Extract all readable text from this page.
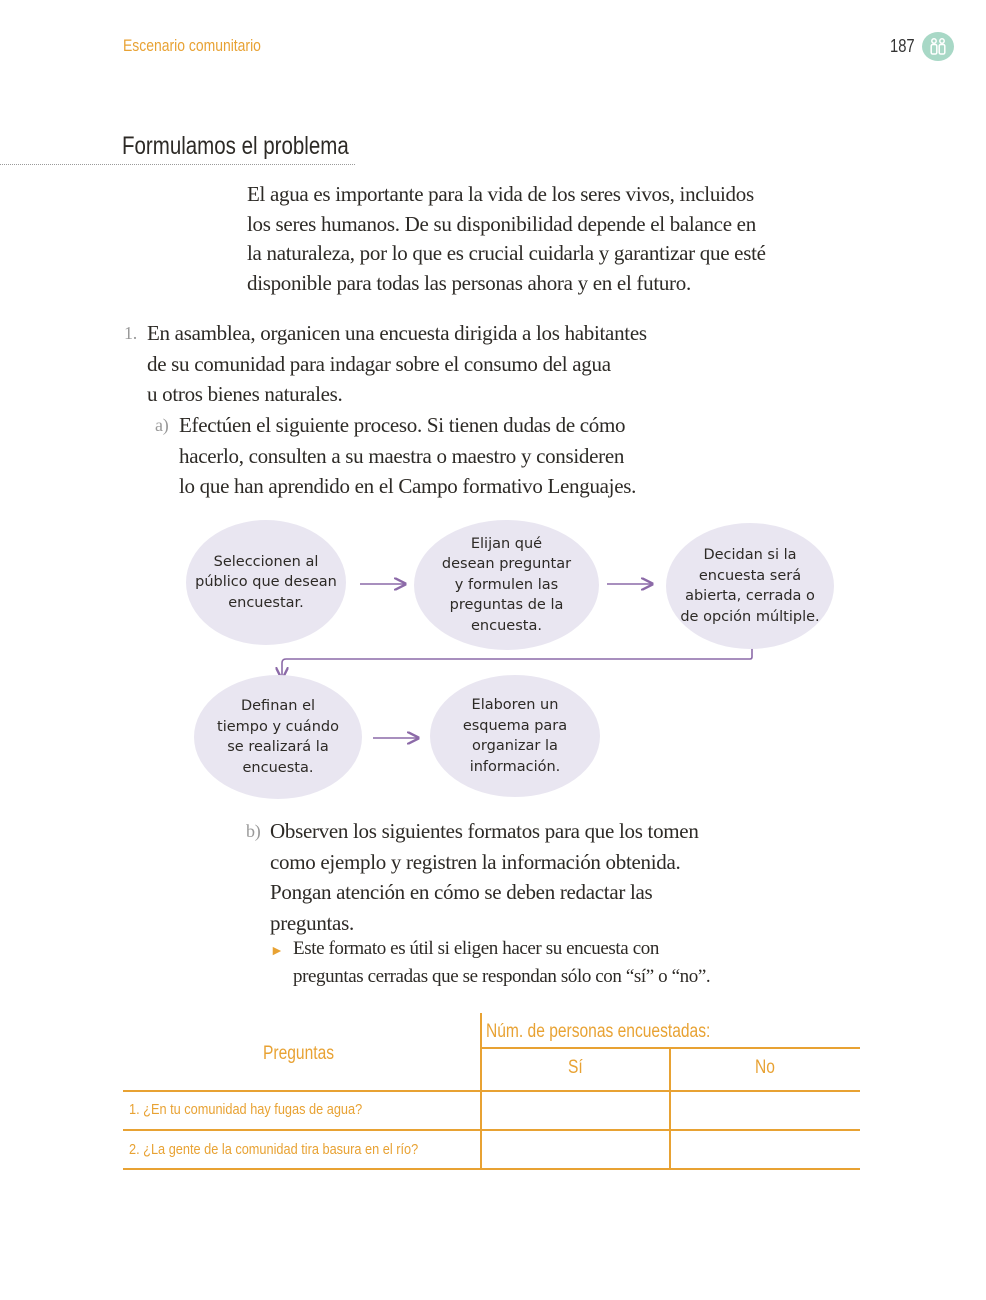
Escenario comunitario	187
Formulamos el problema
El agua es importante para la vida de los seres vivos, incluidos
los seres humanos. De su disponibilidad depende el balance en
la naturaleza, por lo que es crucial cuidarla y garantizar que esté
disponible para todas las personas ahora y en el futuro.
1. En asamblea, organicen una encuesta dirigida a los habitantes
de su comunidad para indagar sobre el consumo del agua
u otros bienes naturales.
a) Efectúen el siguiente proceso. Si tienen dudas de cómo
hacerlo, consulten a su maestra o maestro y consideren
lo que han aprendido en el Campo formativo Lenguajes.
Seleccionen al
público que desean
encuestar.
Elijan qué
desean preguntar
y formulen las
preguntas de la
encuesta.
Decidan si la
encuesta será
abierta, cerrada o
de opción múltiple.
Definan el
tiempo y cuándo
se realizará la
encuesta.
Elaboren un
esquema para
organizar la
información.
b) Observen los siguientes formatos para que los tomen
como ejemplo y registren la información obtenida.
Pongan atención en cómo se deben redactar las
preguntas.
► Este formato es útil si eligen hacer su encuesta con
preguntas cerradas que se respondan sólo con “sí” o “no”.
Preguntas
Núm. de personas encuestadas:
Sí	No
1. ¿En tu comunidad hay fugas de agua?
2. ¿La gente de la comunidad tira basura en el río?
